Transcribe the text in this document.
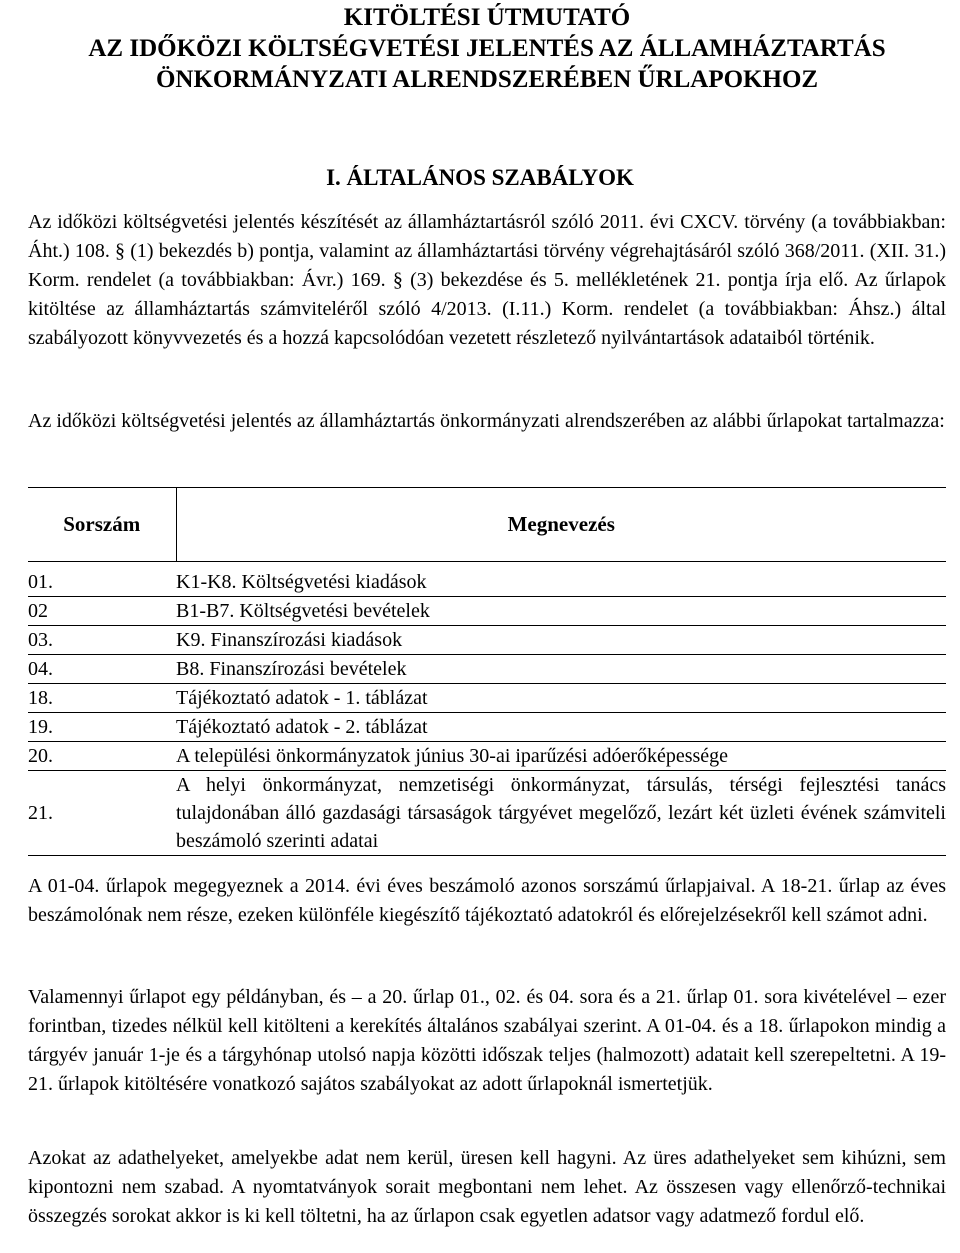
KITÖLTÉSI ÚTMUTATÓ
AZ IDŐKÖZI KÖLTSÉGVETÉSI JELENTÉS AZ ÁLLAMHÁZTARTÁS
ÖNKORMÁNYZATI ALRENDSZERÉBEN ŰRLAPOKHOZ
I. ÁLTALÁNOS SZABÁLYOK

Az időközi költségvetési jelentés készítését az államháztartásról szóló 2011. évi CXCV. törvény (a továbbiakban: Áht.) 108. § (1) bekezdés b) pontja, valamint az államháztartási törvény végrehajtásáról szóló 368/2011. (XII. 31.) Korm. rendelet (a továbbiakban: Ávr.) 169. § (3) bekezdése és 5. mellékletének 21. pontja írja elő. Az űrlapok kitöltése az államháztartás számviteléről szóló 4/2013. (I.11.) Korm. rendelet (a továbbiakban: Áhsz.) által szabályozott könyvvezetés és a hozzá kapcsolódóan vezetett részletező nyilvántartások adataiból történik.

Az időközi költségvetési jelentés az államháztartás önkormányzati alrendszerében az alábbi űrlapokat tartalmazza:

Sorszám	Megnevezés

01.	K1-K8. Költségvetési kiadások
02	B1-B7. Költségvetési bevételek
03.	K9. Finanszírozási kiadások
04.	B8. Finanszírozási bevételek
18.	Tájékoztató adatok - 1. táblázat
19.	Tájékoztató adatok - 2. táblázat
20.	A települési önkormányzatok június 30-ai iparűzési adóerőképessége
21.	A helyi önkormányzat, nemzetiségi önkormányzat, társulás, térségi fejlesztési tanács tulajdonában álló gazdasági társaságok tárgyévet megelőző, lezárt két üzleti évének számviteli beszámoló szerinti adatai

A 01-04. űrlapok megegyeznek a 2014. évi éves beszámoló azonos sorszámú űrlapjaival. A 18-21. űrlap az éves beszámolónak nem része, ezeken különféle kiegészítő tájékoztató adatokról és előrejelzésekről kell számot adni.

Valamennyi űrlapot egy példányban, és – a 20. űrlap 01., 02. és 04. sora és a 21. űrlap 01. sora kivételével – ezer forintban, tizedes nélkül kell kitölteni a kerekítés általános szabályai szerint. A 01-04. és a 18. űrlapokon mindig a tárgyév január 1-je és a tárgyhónap utolsó napja közötti időszak teljes (halmozott) adatait kell szerepeltetni. A 19-21. űrlapok kitöltésére vonatkozó sajátos szabályokat az adott űrlapoknál ismertetjük.

Azokat az adathelyeket, amelyekbe adat nem kerül, üresen kell hagyni. Az üres adathelyeket sem kihúzni, sem kipontozni nem szabad. A nyomtatványok sorait megbontani nem lehet. Az összesen vagy ellenőrző-technikai összegzés sorokat akkor is ki kell töltetni, ha az űrlapon csak egyetlen adatsor vagy adatmező fordul elő.
